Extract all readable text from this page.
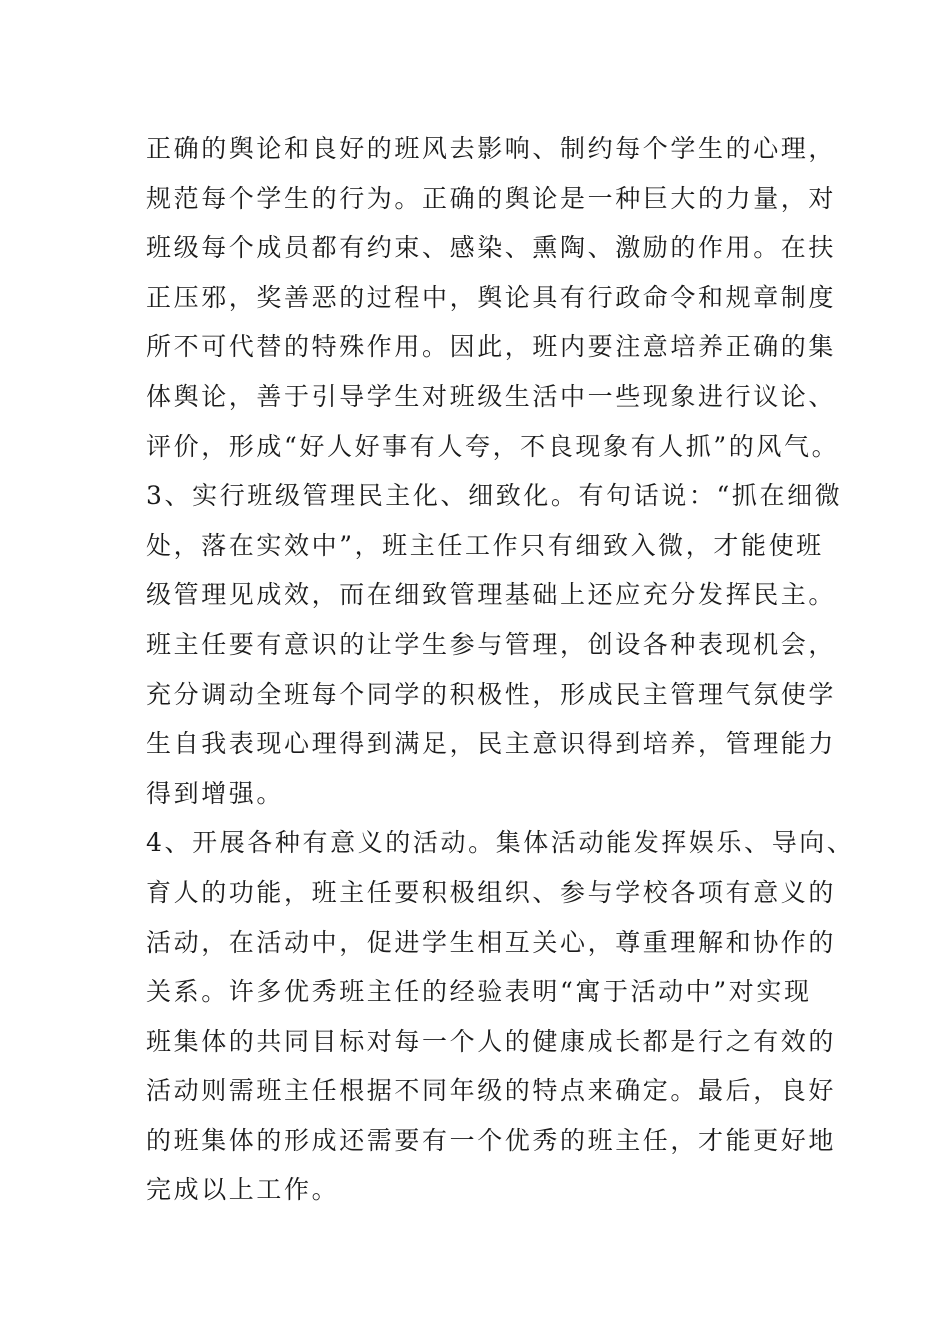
正确的舆论和良好的班风去影响、制约每个学生的心理，
规范每个学生的行为。正确的舆论是一种巨大的力量，对
班级每个成员都有约束、感染、熏陶、激励的作用。在扶
正压邪，奖善恶的过程中，舆论具有行政命令和规章制度
所不可代替的特殊作用。因此，班内要注意培养正确的集
体舆论，善于引导学生对班级生活中一些现象进行议论、
评价，形成“好人好事有人夸，不良现象有人抓”的风气。
3、实行班级管理民主化、细致化。有句话说：“抓在细微
处，落在实效中”，班主任工作只有细致入微，才能使班
级管理见成效，而在细致管理基础上还应充分发挥民主。
班主任要有意识的让学生参与管理，创设各种表现机会，
充分调动全班每个同学的积极性，形成民主管理气氛使学
生自我表现心理得到满足，民主意识得到培养，管理能力
得到增强。
4、开展各种有意义的活动。集体活动能发挥娱乐、导向、
育人的功能，班主任要积极组织、参与学校各项有意义的
活动，在活动中，促进学生相互关心，尊重理解和协作的
关系。许多优秀班主任的经验表明“寓于活动中”对实现
班集体的共同目标对每一个人的健康成长都是行之有效的
活动则需班主任根据不同年级的特点来确定。最后，良好
的班集体的形成还需要有一个优秀的班主任，才能更好地
完成以上工作。
